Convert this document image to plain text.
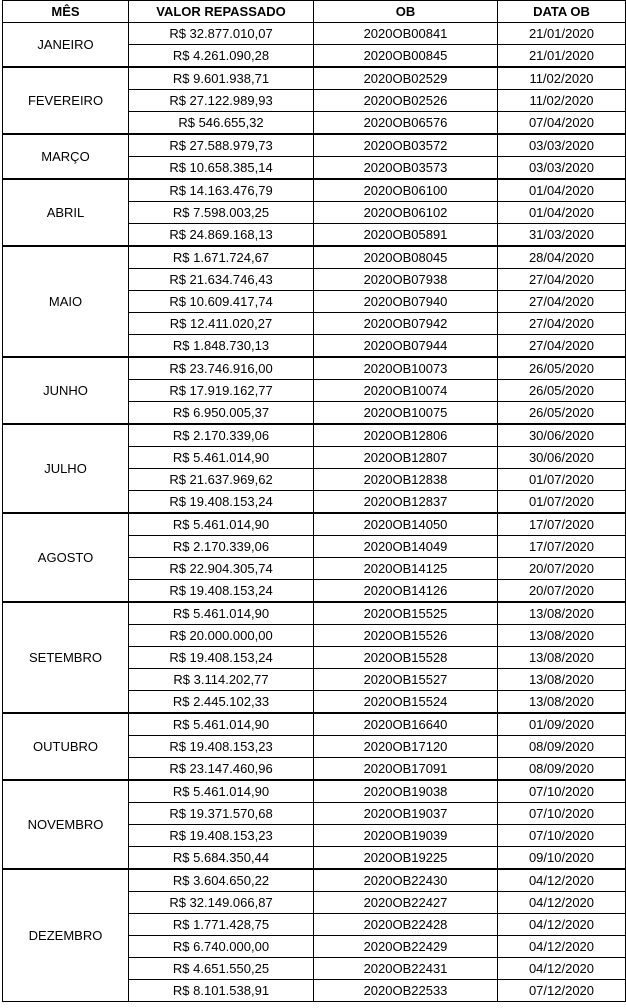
MÊS	VALOR REPASSADO	OB	DATA OB
JANEIRO	R$ 32.877.010,07	2020OB00841	21/01/2020
	R$ 4.261.090,28	2020OB00845	21/01/2020
FEVEREIRO	R$ 9.601.938,71	2020OB02529	11/02/2020
	R$ 27.122.989,93	2020OB02526	11/02/2020
	R$ 546.655,32	2020OB06576	07/04/2020
MARÇO	R$ 27.588.979,73	2020OB03572	03/03/2020
	R$ 10.658.385,14	2020OB03573	03/03/2020
ABRIL	R$ 14.163.476,79	2020OB06100	01/04/2020
	R$ 7.598.003,25	2020OB06102	01/04/2020
	R$ 24.869.168,13	2020OB05891	31/03/2020
MAIO	R$ 1.671.724,67	2020OB08045	28/04/2020
	R$ 21.634.746,43	2020OB07938	27/04/2020
	R$ 10.609.417,74	2020OB07940	27/04/2020
	R$ 12.411.020,27	2020OB07942	27/04/2020
	R$ 1.848.730,13	2020OB07944	27/04/2020
JUNHO	R$ 23.746.916,00	2020OB10073	26/05/2020
	R$ 17.919.162,77	2020OB10074	26/05/2020
	R$ 6.950.005,37	2020OB10075	26/05/2020
JULHO	R$ 2.170.339,06	2020OB12806	30/06/2020
	R$ 5.461.014,90	2020OB12807	30/06/2020
	R$ 21.637.969,62	2020OB12838	01/07/2020
	R$ 19.408.153,24	2020OB12837	01/07/2020
AGOSTO	R$ 5.461.014,90	2020OB14050	17/07/2020
	R$ 2.170.339,06	2020OB14049	17/07/2020
	R$ 22.904.305,74	2020OB14125	20/07/2020
	R$ 19.408.153,24	2020OB14126	20/07/2020
SETEMBRO	R$ 5.461.014,90	2020OB15525	13/08/2020
	R$ 20.000.000,00	2020OB15526	13/08/2020
	R$ 19.408.153,24	2020OB15528	13/08/2020
	R$ 3.114.202,77	2020OB15527	13/08/2020
	R$ 2.445.102,33	2020OB15524	13/08/2020
OUTUBRO	R$ 5.461.014,90	2020OB16640	01/09/2020
	R$ 19.408.153,23	2020OB17120	08/09/2020
	R$ 23.147.460,96	2020OB17091	08/09/2020
NOVEMBRO	R$ 5.461.014,90	2020OB19038	07/10/2020
	R$ 19.371.570,68	2020OB19037	07/10/2020
	R$ 19.408.153,23	2020OB19039	07/10/2020
	R$ 5.684.350,44	2020OB19225	09/10/2020
DEZEMBRO	R$ 3.604.650,22	2020OB22430	04/12/2020
	R$ 32.149.066,87	2020OB22427	04/12/2020
	R$ 1.771.428,75	2020OB22428	04/12/2020
	R$ 6.740.000,00	2020OB22429	04/12/2020
	R$ 4.651.550,25	2020OB22431	04/12/2020
	R$ 8.101.538,91	2020OB22533	07/12/2020
